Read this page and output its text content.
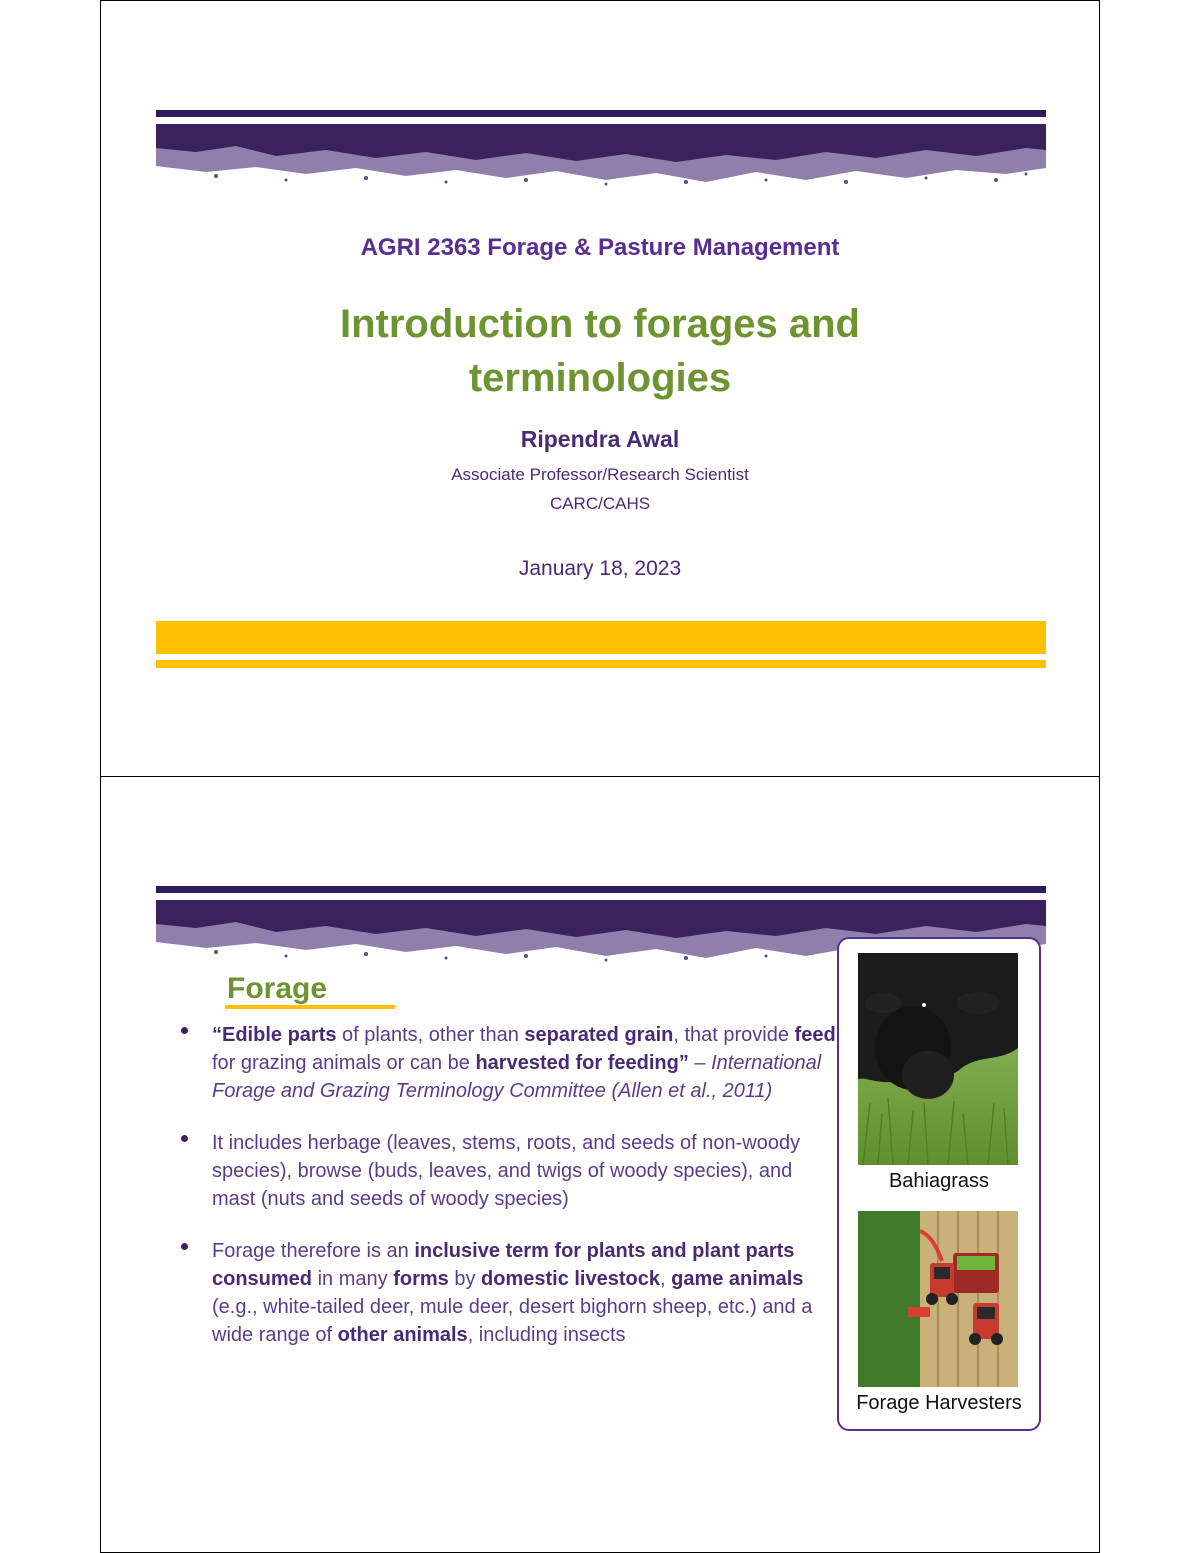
AGRI 2363 Forage & Pasture Management
Introduction to forages and
terminologies
Ripendra Awal
Associate Professor/Research Scientist
CARC/CAHS
January 18, 2023
Forage
“Edible parts of plants, other than separated grain, that provide feed for grazing animals or can be harvested for feeding” – International Forage and Grazing Terminology Committee (Allen et al., 2011)
It includes herbage (leaves, stems, roots, and seeds of non-woody species), browse (buds, leaves, and twigs of woody species), and mast (nuts and seeds of woody species)
Forage therefore is an inclusive term for plants and plant parts consumed in many forms by domestic livestock, game animals (e.g., white-tailed deer, mule deer, desert bighorn sheep, etc.) and a wide range of other animals, including insects
Bahiagrass
Forage Harvesters
